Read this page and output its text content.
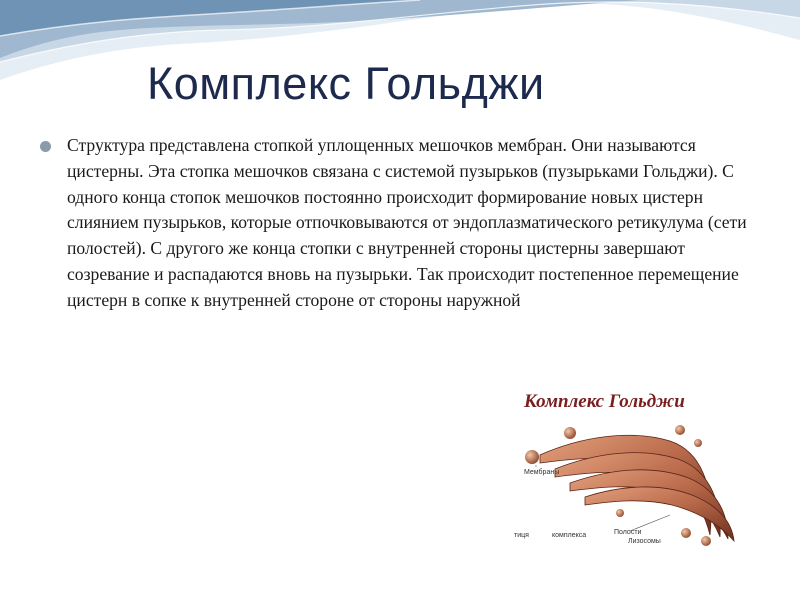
Комплекс Гольджи
Структура представлена стопкой уплощенных мешочков мембран. Они называются цистерны. Эта стопка мешочков связана с системой пузырьков (пузырьками Гольджи). С одного конца стопок мешочков постоянно происходит формирование новых цистерн слиянием пузырьков, которые отпочковываются от эндоплазматического ретикулума (сети полостей). С другого же конца стопки с внутренней стороны цистерны завершают созревание и распадаются вновь на пузырьки. Так происходит постепенное перемещение цистерн в сопке к внутренней стороне от стороны наружной
Комплекс Гольджи
Мембраны
Полости
Лизосомы
тиця	комплекса
